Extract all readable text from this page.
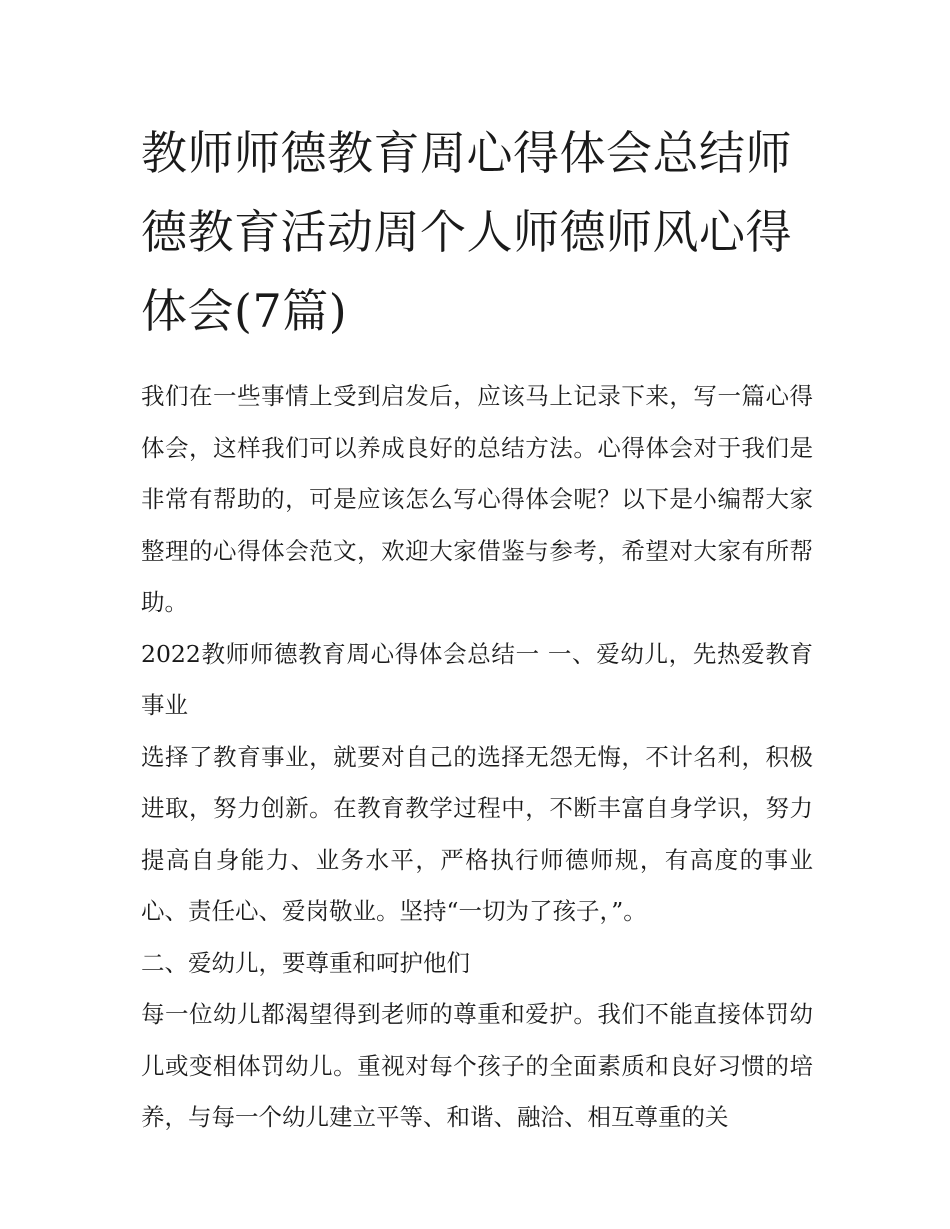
教师师德教育周心得体会总结师德教育活动周个人师德师风心得体会(7篇)

我们在一些事情上受到启发后，应该马上记录下来，写一篇心得体会，这样我们可以养成良好的总结方法。心得体会对于我们是非常有帮助的，可是应该怎么写心得体会呢？以下是小编帮大家整理的心得体会范文，欢迎大家借鉴与参考，希望对大家有所帮助。

2022教师师德教育周心得体会总结一 一、爱幼儿，先热爱教育事业

选择了教育事业，就要对自己的选择无怨无悔，不计名利，积极进取，努力创新。在教育教学过程中，不断丰富自身学识，努力提高自身能力、业务水平，严格执行师德师规，有高度的事业心、责任心、爱岗敬业。坚持“一切为了孩子，”。

二、爱幼儿，要尊重和呵护他们

每一位幼儿都渴望得到老师的尊重和爱护。我们不能直接体罚幼儿或变相体罚幼儿。重视对每个孩子的全面素质和良好习惯的培养，与每一个幼儿建立平等、和谐、融洽、相互尊重的关
